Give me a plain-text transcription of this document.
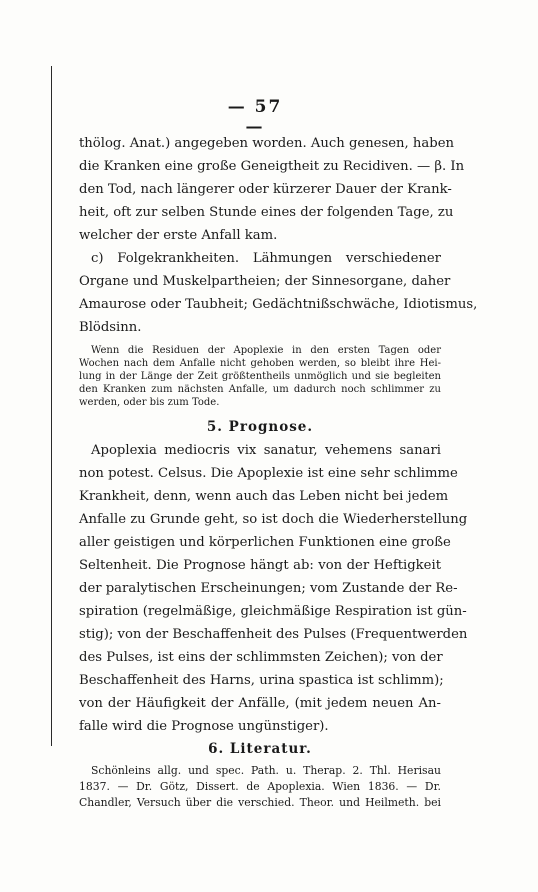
— 57 —
thölog. Anat.) angegeben worden. Auch genesen, haben
die Kranken eine große Geneigtheit zu Recidiven. — β. In
den Tod, nach längerer oder kürzerer Dauer der Krank-
heit, oft zur selben Stunde eines der folgenden Tage, zu
welcher der erste Anfall kam.
c) Folgekrankheiten. Lähmungen verschiedener
Organe und Muskelpartheien; der Sinnesorgane, daher
Amaurose oder Taubheit; Gedächtnißschwäche, Idiotismus,
Blödsinn.
Wenn die Residuen der Apoplexie in den ersten Tagen oder
Wochen nach dem Anfalle nicht gehoben werden, so bleibt ihre Hei-
lung in der Länge der Zeit größtentheils unmöglich und sie begleiten
den Kranken zum nächsten Anfalle, um dadurch noch schlimmer zu
werden, oder bis zum Tode.
5. Prognose.
Apoplexia mediocris vix sanatur, vehemens sanari
non potest. Celsus. Die Apoplexie ist eine sehr schlimme
Krankheit, denn, wenn auch das Leben nicht bei jedem
Anfalle zu Grunde geht, so ist doch die Wiederherstellung
aller geistigen und körperlichen Funktionen eine große
Seltenheit. Die Prognose hängt ab: von der Heftigkeit
der paralytischen Erscheinungen; vom Zustande der Re-
spiration (regelmäßige, gleichmäßige Respiration ist gün-
stig); von der Beschaffenheit des Pulses (Frequentwerden
des Pulses, ist eins der schlimmsten Zeichen); von der
Beschaffenheit des Harns, urina spastica ist schlimm);
von der Häufigkeit der Anfälle, (mit jedem neuen An-
falle wird die Prognose ungünstiger).
6. Literatur.
Schönleins allg. und spec. Path. u. Therap. 2. Thl. Herisau
1837. — Dr. Götz, Dissert. de Apoplexia. Wien 1836. — Dr.
Chandler, Versuch über die verschied. Theor. und Heilmeth. bei
